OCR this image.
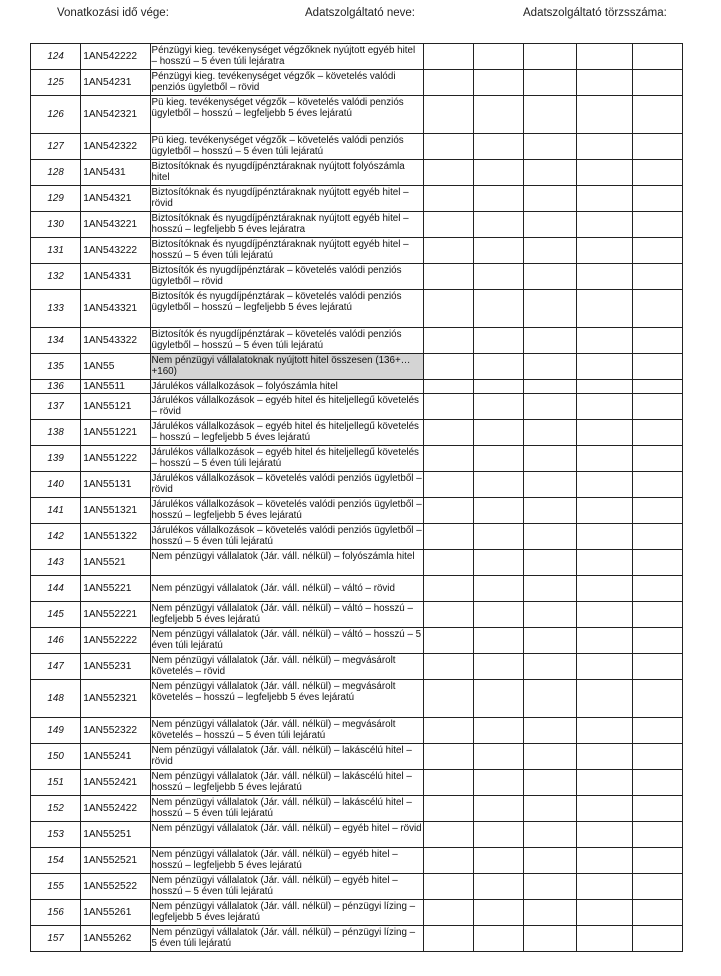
Vonatkozási idő vége:	Adatszolgáltató neve:	Adatszolgáltató törzsszáma:
124	1AN542222	Pénzügyi kieg. tevékenységet végzőknek nyújtott egyéb hitel – hosszú – 5 éven túli lejáratra					
125	1AN54231	Pénzügyi kieg. tevékenységet végzők – követelés valódi penziós ügyletből – rövid					
126	1AN542321	Pü kieg. tevékenységet végzők – követelés valódi penziós ügyletből – hosszú – legfeljebb 5 éves lejáratú					
127	1AN542322	Pü kieg. tevékenységet végzők – követelés valódi penziós ügyletből – hosszú – 5 éven túli lejáratú					
128	1AN5431	Biztosítóknak és nyugdíjpénztáraknak nyújtott folyószámla hitel					
129	1AN54321	Biztosítóknak és nyugdíjpénztáraknak nyújtott egyéb hitel – rövid					
130	1AN543221	Biztosítóknak és nyugdíjpénztáraknak nyújtott egyéb hitel – hosszú – legfeljebb 5 éves lejáratra					
131	1AN543222	Biztosítóknak és nyugdíjpénztáraknak nyújtott egyéb hitel – hosszú – 5 éven túli lejáratú					
132	1AN54331	Biztosítók és nyugdíjpénztárak – követelés valódi penziós ügyletből – rövid					
133	1AN543321	Biztosítók és nyugdíjpénztárak – követelés valódi penziós ügyletből – hosszú – legfeljebb 5 éves lejáratú					
134	1AN543322	Biztosítók és nyugdíjpénztárak – követelés valódi penziós ügyletből – hosszú – 5 éven túli lejáratú					
135	1AN55	Nem pénzügyi vállalatoknak nyújtott hitel összesen (136+…+160)					
136	1AN5511	Járulékos vállalkozások – folyószámla hitel					
137	1AN55121	Járulékos vállalkozások – egyéb hitel és hiteljellegű követelés – rövid					
138	1AN551221	Járulékos vállalkozások – egyéb hitel és hiteljellegű követelés – hosszú – legfeljebb 5 éves lejáratú					
139	1AN551222	Járulékos vállalkozások – egyéb hitel és hiteljellegű követelés – hosszú – 5 éven túli lejáratú					
140	1AN55131	Járulékos vállalkozások – követelés valódi penziós ügyletből – rövid					
141	1AN551321	Járulékos vállalkozások – követelés valódi penziós ügyletből – hosszú – legfeljebb 5 éves lejáratú					
142	1AN551322	Járulékos vállalkozások – követelés valódi penziós ügyletből – hosszú – 5 éven túli lejáratú					
143	1AN5521	Nem pénzügyi vállalatok (Jár. váll. nélkül) – folyószámla hitel					
144	1AN55221	Nem pénzügyi vállalatok (Jár. váll. nélkül) – váltó – rövid					
145	1AN552221	Nem pénzügyi vállalatok (Jár. váll. nélkül) – váltó – hosszú – legfeljebb 5 éves lejáratú					
146	1AN552222	Nem pénzügyi vállalatok (Jár. váll. nélkül) – váltó – hosszú – 5 éven túli lejáratú					
147	1AN55231	Nem pénzügyi vállalatok (Jár. váll. nélkül) – megvásárolt követelés – rövid					
148	1AN552321	Nem pénzügyi vállalatok (Jár. váll. nélkül) – megvásárolt követelés – hosszú – legfeljebb 5 éves lejáratú					
149	1AN552322	Nem pénzügyi vállalatok (Jár. váll. nélkül) – megvásárolt követelés – hosszú – 5 éven túli lejáratú					
150	1AN55241	Nem pénzügyi vállalatok (Jár. váll. nélkül) – lakáscélú hitel – rövid					
151	1AN552421	Nem pénzügyi vállalatok (Jár. váll. nélkül) – lakáscélú hitel – hosszú – legfeljebb 5 éves lejáratú					
152	1AN552422	Nem pénzügyi vállalatok (Jár. váll. nélkül) – lakáscélú hitel – hosszú – 5 éven túli lejáratú					
153	1AN55251	Nem pénzügyi vállalatok (Jár. váll. nélkül) – egyéb hitel – rövid					
154	1AN552521	Nem pénzügyi vállalatok (Jár. váll. nélkül) – egyéb hitel – hosszú – legfeljebb 5 éves lejáratú					
155	1AN552522	Nem pénzügyi vállalatok (Jár. váll. nélkül) – egyéb hitel – hosszú – 5 éven túli lejáratú					
156	1AN55261	Nem pénzügyi vállalatok (Jár. váll. nélkül) – pénzügyi lízing – legfeljebb 5 éves lejáratú					
157	1AN55262	Nem pénzügyi vállalatok (Jár. váll. nélkül) – pénzügyi lízing – 5 éven túli lejáratú					
